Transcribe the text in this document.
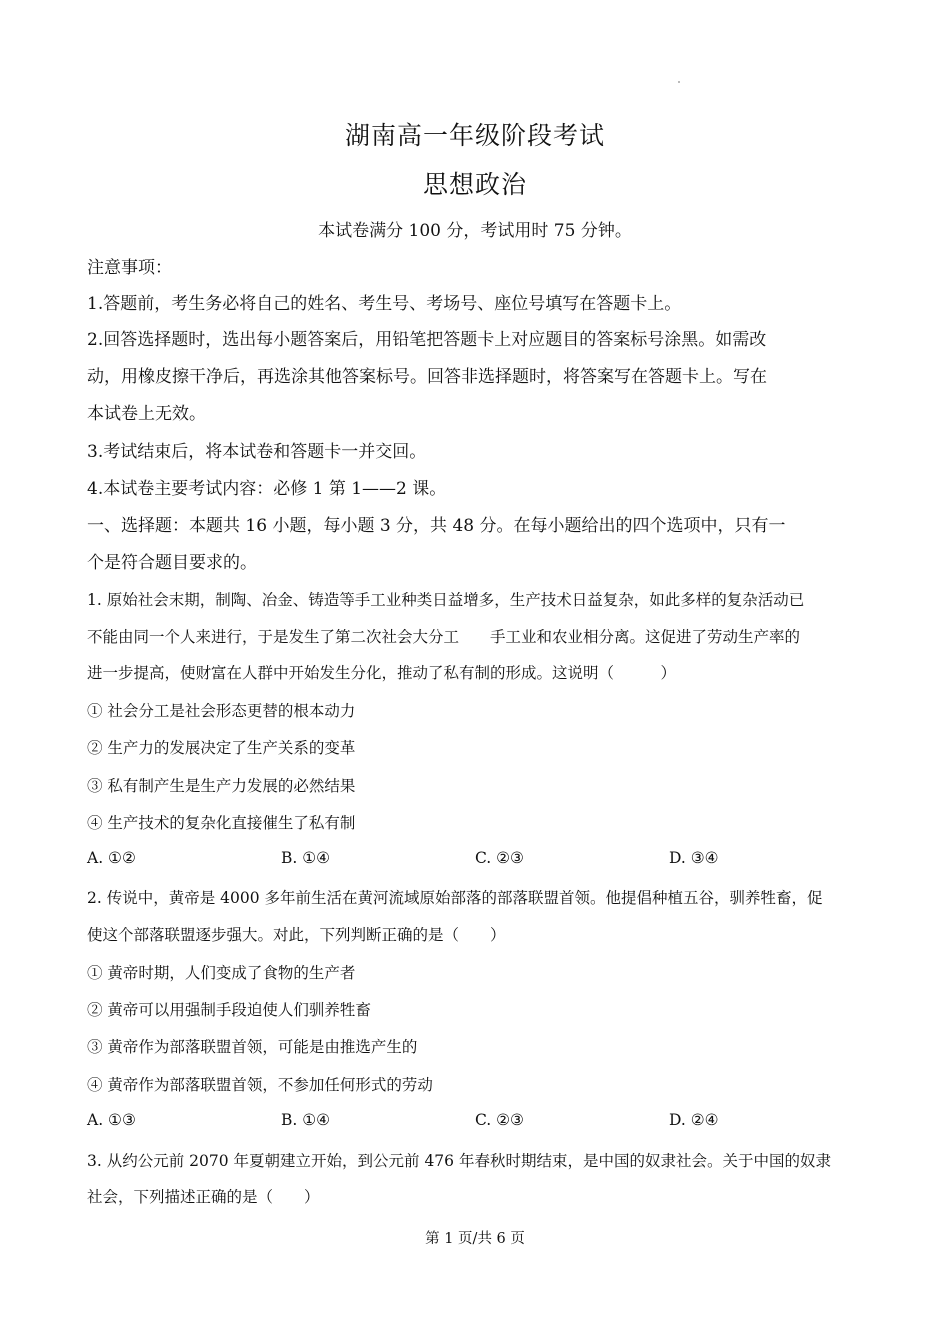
湖南高一年级阶段考试
思想政治
本试卷满分 100 分，考试用时 75 分钟。
注意事项：
1.答题前，考生务必将自己的姓名、考生号、考场号、座位号填写在答题卡上。
2.回答选择题时，选出每小题答案后，用铅笔把答题卡上对应题目的答案标号涂黑。如需改
动，用橡皮擦干净后，再选涂其他答案标号。回答非选择题时，将答案写在答题卡上。写在
本试卷上无效。
3.考试结束后，将本试卷和答题卡一并交回。
4.本试卷主要考试内容：必修 1 第 1——2 课。
一、选择题：本题共 16 小题，每小题 3 分，共 48 分。在每小题给出的四个选项中，只有一
个是符合题目要求的。
1. 原始社会末期，制陶、冶金、铸造等手工业种类日益增多，生产技术日益复杂，如此多样的复杂活动已
不能由同一个人来进行，于是发生了第二次社会大分工　　手工业和农业相分离。这促进了劳动生产率的
进一步提高，使财富在人群中开始发生分化，推动了私有制的形成。这说明（　　　）
① 社会分工是社会形态更替的根本动力
② 生产力的发展决定了生产关系的变革
③ 私有制产生是生产力发展的必然结果
④ 生产技术的复杂化直接催生了私有制
A. ①②	B. ①④	C. ②③	D. ③④
2. 传说中，黄帝是 4000 多年前生活在黄河流域原始部落的部落联盟首领。他提倡种植五谷，驯养牲畜，促
使这个部落联盟逐步强大。对此，下列判断正确的是（　　）
① 黄帝时期，人们变成了食物的生产者
② 黄帝可以用强制手段迫使人们驯养牲畜
③ 黄帝作为部落联盟首领，可能是由推选产生的
④ 黄帝作为部落联盟首领，不参加任何形式的劳动
A. ①③	B. ①④	C. ②③	D. ②④
3. 从约公元前 2070 年夏朝建立开始，到公元前 476 年春秋时期结束，是中国的奴隶社会。关于中国的奴隶
社会，下列描述正确的是（　　）
第 1 页/共 6 页
